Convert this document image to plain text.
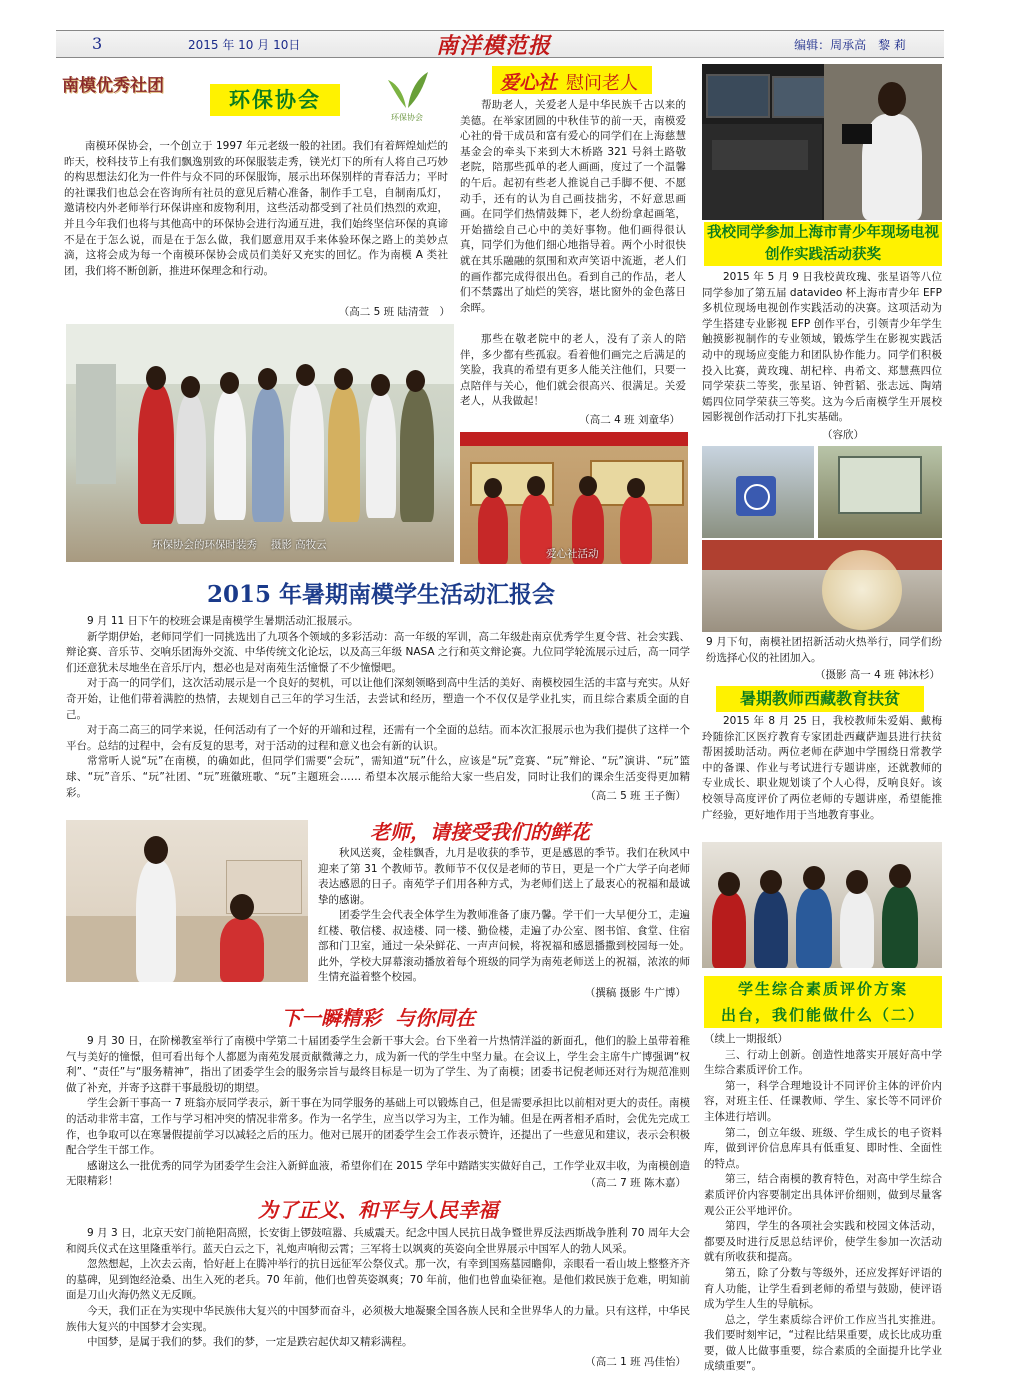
3	2015 年 10 月 10日	南洋模范报	编辑：周承高　黎 莉
南模优秀社团
环保协会
环保协会

南模环保协会，一个创立于 1997 年元老级一般的社团。我们有着辉煌灿烂的昨天，校科技节上有我们飘逸别致的环保服装走秀，镁光灯下的所有人将自己巧妙的构思想法幻化为一件件与众不同的环保服饰，展示出环保别样的青春活力；平时的社课我们也总会在咨询所有社员的意见后精心准备，制作手工皂，自制南瓜灯，邀请校内外老师举行环保讲座和废物利用，这些活动都受到了社员们热烈的欢迎，并且今年我们也将与其他高中的环保协会进行沟通互进，我们始终坚信环保的真谛不是在于怎么说，而是在于怎么做，我们愿意用双手来体验环保之路上的美妙点滴，这将会成为每一个南模环保协会成员们美好又充实的回忆。作为南模 A 类社团，我们将不断创新，推进环保理念和行动。

（高二 5 班 陆清萱　）

环保协会的环保时装秀　 摄影 高牧云
爱心社 慰问老人

帮助老人，关爱老人是中华民族千古以来的美德。在举家团圆的中秋佳节的前一天，南模爱心社的骨干成员和富有爱心的同学们在上海慈慧基金会的牵头下来到大木桥路 321 号斜土路敬老院，陪那些孤单的老人画画，度过了一个温馨的午后。起初有些老人推说自己手脚不便、不愿动手，还有的认为自己画技拙劣，不好意思画画。在同学们热情鼓舞下，老人纷纷拿起画笔，开始描绘自己心中的美好事物。他们画得很认真，同学们为他们细心地指导着。两个小时很快就在其乐融融的氛围和欢声笑语中流逝，老人们的画作都完成得很出色。看到自己的作品，老人们不禁露出了灿烂的笑容，堪比窗外的金色落日余晖。

那些在敬老院中的老人，没有了亲人的陪伴，多少都有些孤寂。看着他们画完之后满足的笑脸，我真的希望有更多人能关注他们，只要一点陪伴与关心，他们就会很高兴、很满足。关爱老人，从我做起！

（高二 4 班 刘童华）

爱心社活动
我校同学参加上海市青少年现场电视创作实践活动获奖

2015 年 5 月 9 日我校黄玫瑰、张星语等八位同学参加了第五届 datavideo 杯上海市青少年 EFP 多机位现场电视创作实践活动的决赛。这项活动为学生搭建专业影视 EFP 创作平台，引领青少年学生触摸影视制作的专业领域，锻炼学生在影视实践活动中的现场应变能力和团队协作能力。同学们积极投入比赛，黄玫瑰、胡杞梓、冉希文、郑慧燕四位同学荣获二等奖，张星语、钟哲韬、张志远、陶靖嫣四位同学荣获三等奖。这为今后南模学生开展校园影视创作活动打下扎实基础。

（容欣）

9 月下旬，南模社团招新活动火热举行，同学们纷纷选择心仪的社团加入。

（摄影 高一 4 班 韩沐杉）

2015 年暑期南模学生活动汇报会

9 月 11 日下午的校班会课是南模学生暑期活动汇报展示。

新学期伊始，老师同学们一同挑选出了九项各个领域的多彩活动：高一年级的军训，高二年级赴南京优秀学生夏令营、社会实践、辩论赛、音乐节、交响乐团海外交流、中华传统文化论坛，以及高三年级 NASA 之行和英文辩论赛。九位同学轮流展示过后，高一同学们还意犹未尽地坐在音乐厅内，想必也是对南苑生活憧憬了不少憧憬吧。

对于高一的同学们，这次活动展示是一个良好的契机，可以让他们深刻领略到高中生活的美好、南模校园生活的丰富与充实。从好奇开始，让他们带着满腔的热情，去规划自己三年的学习生活，去尝试和经历，塑造一个不仅仅是学业扎实，而且综合素质全面的自己。

对于高二高三的同学来说，任何活动有了一个好的开端和过程，还需有一个全面的总结。而本次汇报展示也为我们提供了这样一个平台。总结的过程中，会有反复的思考，对于活动的过程和意义也会有新的认识。

常常听人说“玩”在南模，的确如此，但同学们需要“会玩”，需知道“玩”什么，应该是“玩”竞赛、“玩”辩论、“玩”演讲、“玩”篮球、“玩”音乐、“玩”社团、“玩”班徽班歌、“玩”主题班会…… 希望本次展示能给大家一些启发，同时让我们的课余生活变得更加精彩。	（高二 5 班 王子衡）

暑期教师西藏教育扶贫

2015 年 8 月 25 日，我校教师朱爱娟、戴梅玲随徐汇区医疗教育专家团赴西藏萨迦县进行扶贫帮困援助活动。两位老师在萨迦中学围绕日常教学中的备课、作业与考试进行专题讲座，还就教师的专业成长、职业规划谈了个人心得，反响良好。该校领导高度评价了两位老师的专题讲座，希望能推广经验，更好地作用于当地教育事业。

老师，请接受我们的鲜花

秋风送爽，金桂飘香，九月是收获的季节，更是感恩的季节。我们在秋风中迎来了第 31 个教师节。教师节不仅仅是老师的节日，更是一个广大学子向老师表达感恩的日子。南苑学子们用各种方式，为老师们送上了最衷心的祝福和最诚挚的感谢。

团委学生会代表全体学生为教师准备了康乃馨。学干们一大早便分工，走遍红楼、敬信楼、叔逵楼、同一楼、勤俭楼，走遍了办公室、图书馆、食堂、住宿部和门卫室，通过一朵朵鲜花、一声声问候，将祝福和感恩播撒到校园每一处。此外，学校大屏幕滚动播放着每个班级的同学为南苑老师送上的祝福，浓浓的师生情充溢着整个校园。

（撰稿 摄影 牛广博）	学生综合素质评价方案
出台，我们能做什么（二）

（续上一期报纸）

三、行动上创新。创造性地落实开展好高中学生综合素质评价工作。

第一，科学合理地设计不同评价主体的评价内容，对班主任、任课教师、学生、家长等不同评价主体进行培训。

第二，创立年级、班级、学生成长的电子资料库，做到评价信息库具有低重复、即时性、全面性的特点。

第三，结合南模的教育特色，对高中学生综合素质评价内容要制定出具体评价细则，做到尽量客观公正公平地评价。

第四，学生的各项社会实践和校园文体活动，都要及时进行反思总结评价，使学生参加一次活动就有所收获和提高。

第五，除了分数与等级外，还应发挥好评语的育人功能，让学生看到老师的希望与鼓励，使评语成为学生人生的导航标。

总之，学生素质综合评价工作应当扎实推进。我们要时刻牢记，“过程比结果重要，成长比成功重要，做人比做事重要，综合素质的全面提升比学业成绩重要”。

下一瞬精彩  与你同在

9 月 30 日，在阶梯教室举行了南模中学第二十届团委学生会新干事大会。台下坐着一片热情洋溢的新面孔，他们的脸上虽带着稚气与美好的憧憬，但可看出每个人都愿为南苑发展贡献微薄之力，成为新一代的学生中坚力量。在会议上，学生会主席牛广博强调“权利”、“责任”与“服务精神”，指出了团委学生会的服务宗旨与最终目标是一切为了学生、为了南模；团委书记倪老师还对行为规范准则做了补充，并寄予这群干事最殷切的期望。

学生会新干事高一 7 班翁亦辰同学表示，新干事在为同学服务的基础上可以锻炼自己，但是需要承担比以前相对更大的责任。南模的活动非常丰富，工作与学习相冲突的情况非常多。作为一名学生，应当以学习为主，工作为辅。但是在两者相矛盾时，会优先完成工作，也争取可以在寒暑假提前学习以减轻之后的压力。他对已展开的团委学生会工作表示赞许，还提出了一些意见和建议，表示会积极配合学生干部工作。

感谢这么一批优秀的同学为团委学生会注入新鲜血液，希望你们在 2015 学年中踏踏实实做好自己，工作学业双丰收，为南模创造无限精彩！	（高二 7 班 陈木嘉）

为了正义、和平与人民幸福

9 月 3 日，北京天安门前艳阳高照，长安街上锣鼓喧嚣、兵威震天。纪念中国人民抗日战争暨世界反法西斯战争胜利 70 周年大会和阅兵仪式在这里隆重举行。蓝天白云之下，礼炮声响彻云霄；三军将士以飒爽的英姿向全世界展示中国军人的勃人风采。

忽然想起，上次去云南，恰好赶上在腾冲举行的抗日远征军公祭仪式。那一次，有幸到国殇墓园瞻仰，亲眼看一看山坡上整整齐齐的墓碑，见到饱经沧桑、出生入死的老兵。70 年前，他们也曾英姿飒爽；70 年前，他们也曾血染征袍。是他们救民族于危难，明知前面是刀山火海仍然义无反顾。

今天，我们正在为实现中华民族伟大复兴的中国梦而奋斗，必须极大地凝聚全国各族人民和全世界华人的力量。只有这样，中华民族伟大复兴的中国梦才会实现。

中国梦，是属于我们的梦。我们的梦，一定是跌宕起伏却又精彩满程。

（高二 1 班 冯佳怡）
